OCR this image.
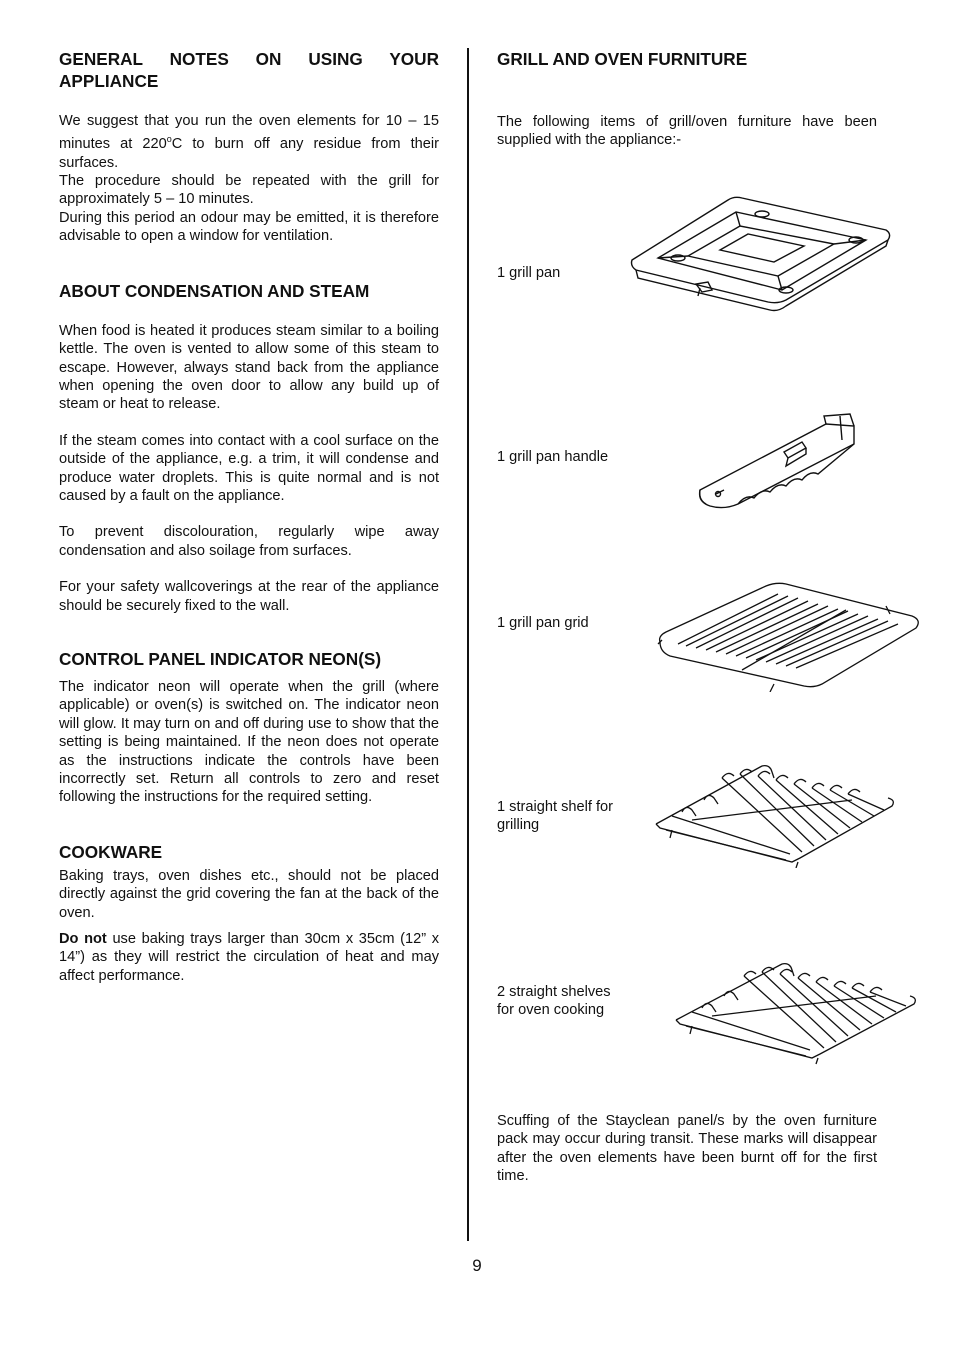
GENERAL NOTES ON USING YOUR APPLIANCE

We suggest that you run the oven elements for 10 – 15 minutes at 220$^o$C to burn off any residue from their surfaces.

The procedure should be repeated with the grill for approximately 5 – 10 minutes.

During this period an odour may be emitted, it is therefore advisable to open a window for ventilation.

ABOUT CONDENSATION AND STEAM

When food is heated it produces steam similar to a boiling kettle. The oven is vented to allow some of this steam to escape. However, always stand back from the appliance when opening the oven door to allow any build up of steam or heat to release.

If the steam comes into contact with a cool surface on the outside of the appliance, e.g. a trim, it will condense and produce water droplets. This is quite normal and is not caused by a fault on the appliance.

To prevent discolouration, regularly wipe away condensation and also soilage from surfaces.

For your safety wallcoverings at the rear of the appliance should be securely fixed to the wall.

CONTROL PANEL INDICATOR NEON(S)

The indicator neon will operate when the grill (where applicable) or oven(s) is switched on. The indicator neon will glow. It may turn on and off during use to show that the setting is being maintained. If the neon does not operate as the instructions indicate the controls have been incorrectly set. Return all controls to zero and reset following the instructions for the required setting.

COOKWARE

Baking trays, oven dishes etc., should not be placed directly against the grid covering the fan at the back of the oven.

Do not use baking trays larger than 30cm x 35cm (12” x 14”) as they will restrict the circulation of heat and may affect performance.

GRILL AND OVEN FURNITURE

The following items of grill/oven furniture have been supplied with the appliance:-

1 grill pan
1 grill pan handle
1 grill pan grid
1 straight shelf for grilling
2 straight shelves for oven cooking

Scuffing of the Stayclean panel/s by the oven furniture pack may occur during transit. These marks will disappear after the oven elements have been burnt off for the first time.

9
